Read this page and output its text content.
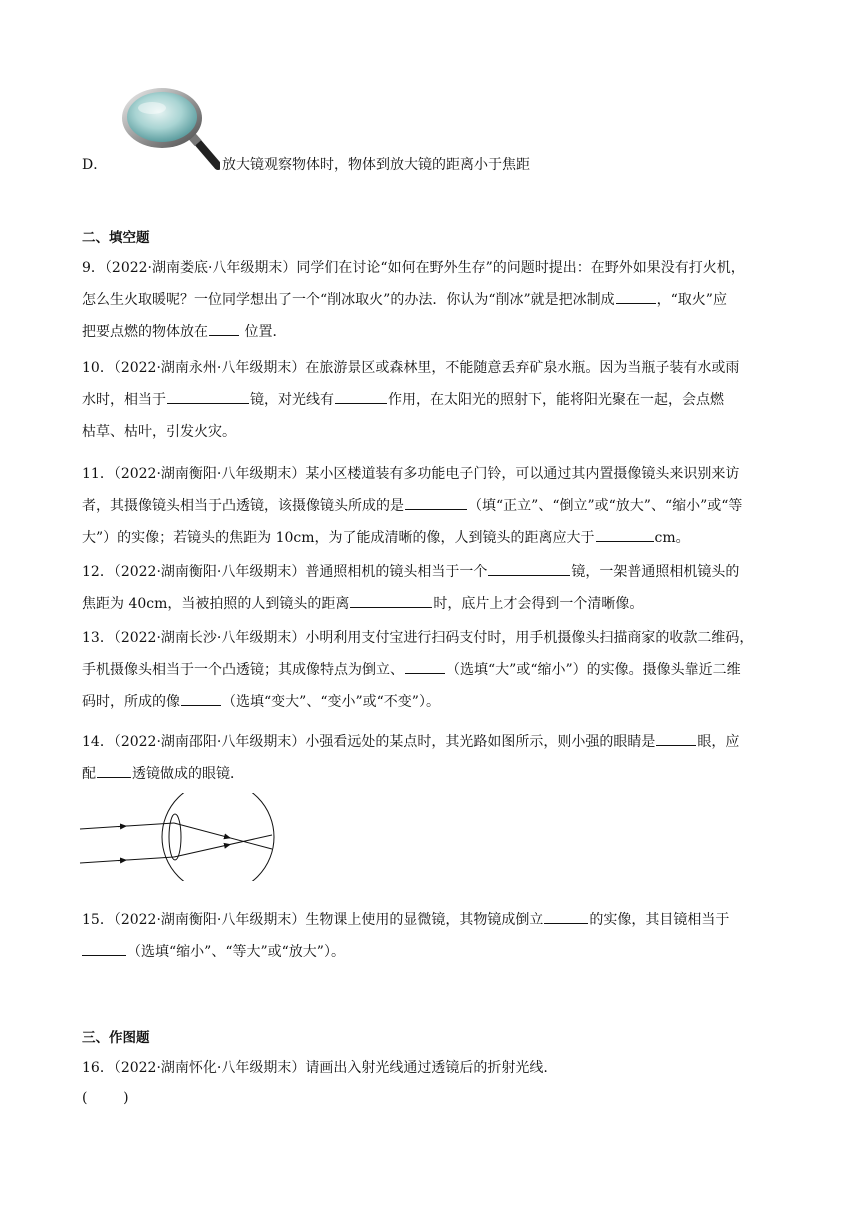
D．	放大镜观察物体时，物体到放大镜的距离小于焦距
二、填空题
9．（2022·湖南娄底·八年级期末）同学们在讨论“如何在野外生存”的问题时提出：在野外如果没有打火机，
怎么生火取暖呢？一位同学想出了一个“削冰取火”的办法．你认为“削冰”就是把冰制成	，“取火”应
把要点燃的物体放在	位置．
10．（2022·湖南永州·八年级期末）在旅游景区或森林里，不能随意丢弃矿泉水瓶。因为当瓶子装有水或雨
水时，相当于	镜，对光线有	作用，在太阳光的照射下，能将阳光聚在一起，会点燃
枯草、枯叶，引发火灾。
11．（2022·湖南衡阳·八年级期末）某小区楼道装有多功能电子门铃，可以通过其内置摄像镜头来识别来访
者，其摄像镜头相当于凸透镜，该摄像镜头所成的是	（填“正立”、“倒立”或“放大”、“缩小”或“等
大”）的实像；若镜头的焦距为 10cm，为了能成清晰的像，人到镜头的距离应大于	cm。
12．（2022·湖南衡阳·八年级期末）普通照相机的镜头相当于一个	镜，一架普通照相机镜头的
焦距为 40cm，当被拍照的人到镜头的距离	时，底片上才会得到一个清晰像。
13．（2022·湖南长沙·八年级期末）小明利用支付宝进行扫码支付时，用手机摄像头扫描商家的收款二维码，
手机摄像头相当于一个凸透镜；其成像特点为倒立、	（选填“大”或“缩小”）的实像。摄像头靠近二维
码时，所成的像	（选填“变大”、“变小”或“不变”）。
14．（2022·湖南邵阳·八年级期末）小强看远处的某点时，其光路如图所示，则小强的眼睛是	眼，应
配	透镜做成的眼镜．
15．（2022·湖南衡阳·八年级期末）生物课上使用的显微镜，其物镜成倒立	的实像，其目镜相当于
（选填“缩小”、“等大”或“放大”）。
三、作图题
16．（2022·湖南怀化·八年级期末）请画出入射光线通过透镜后的折射光线.
(        )
